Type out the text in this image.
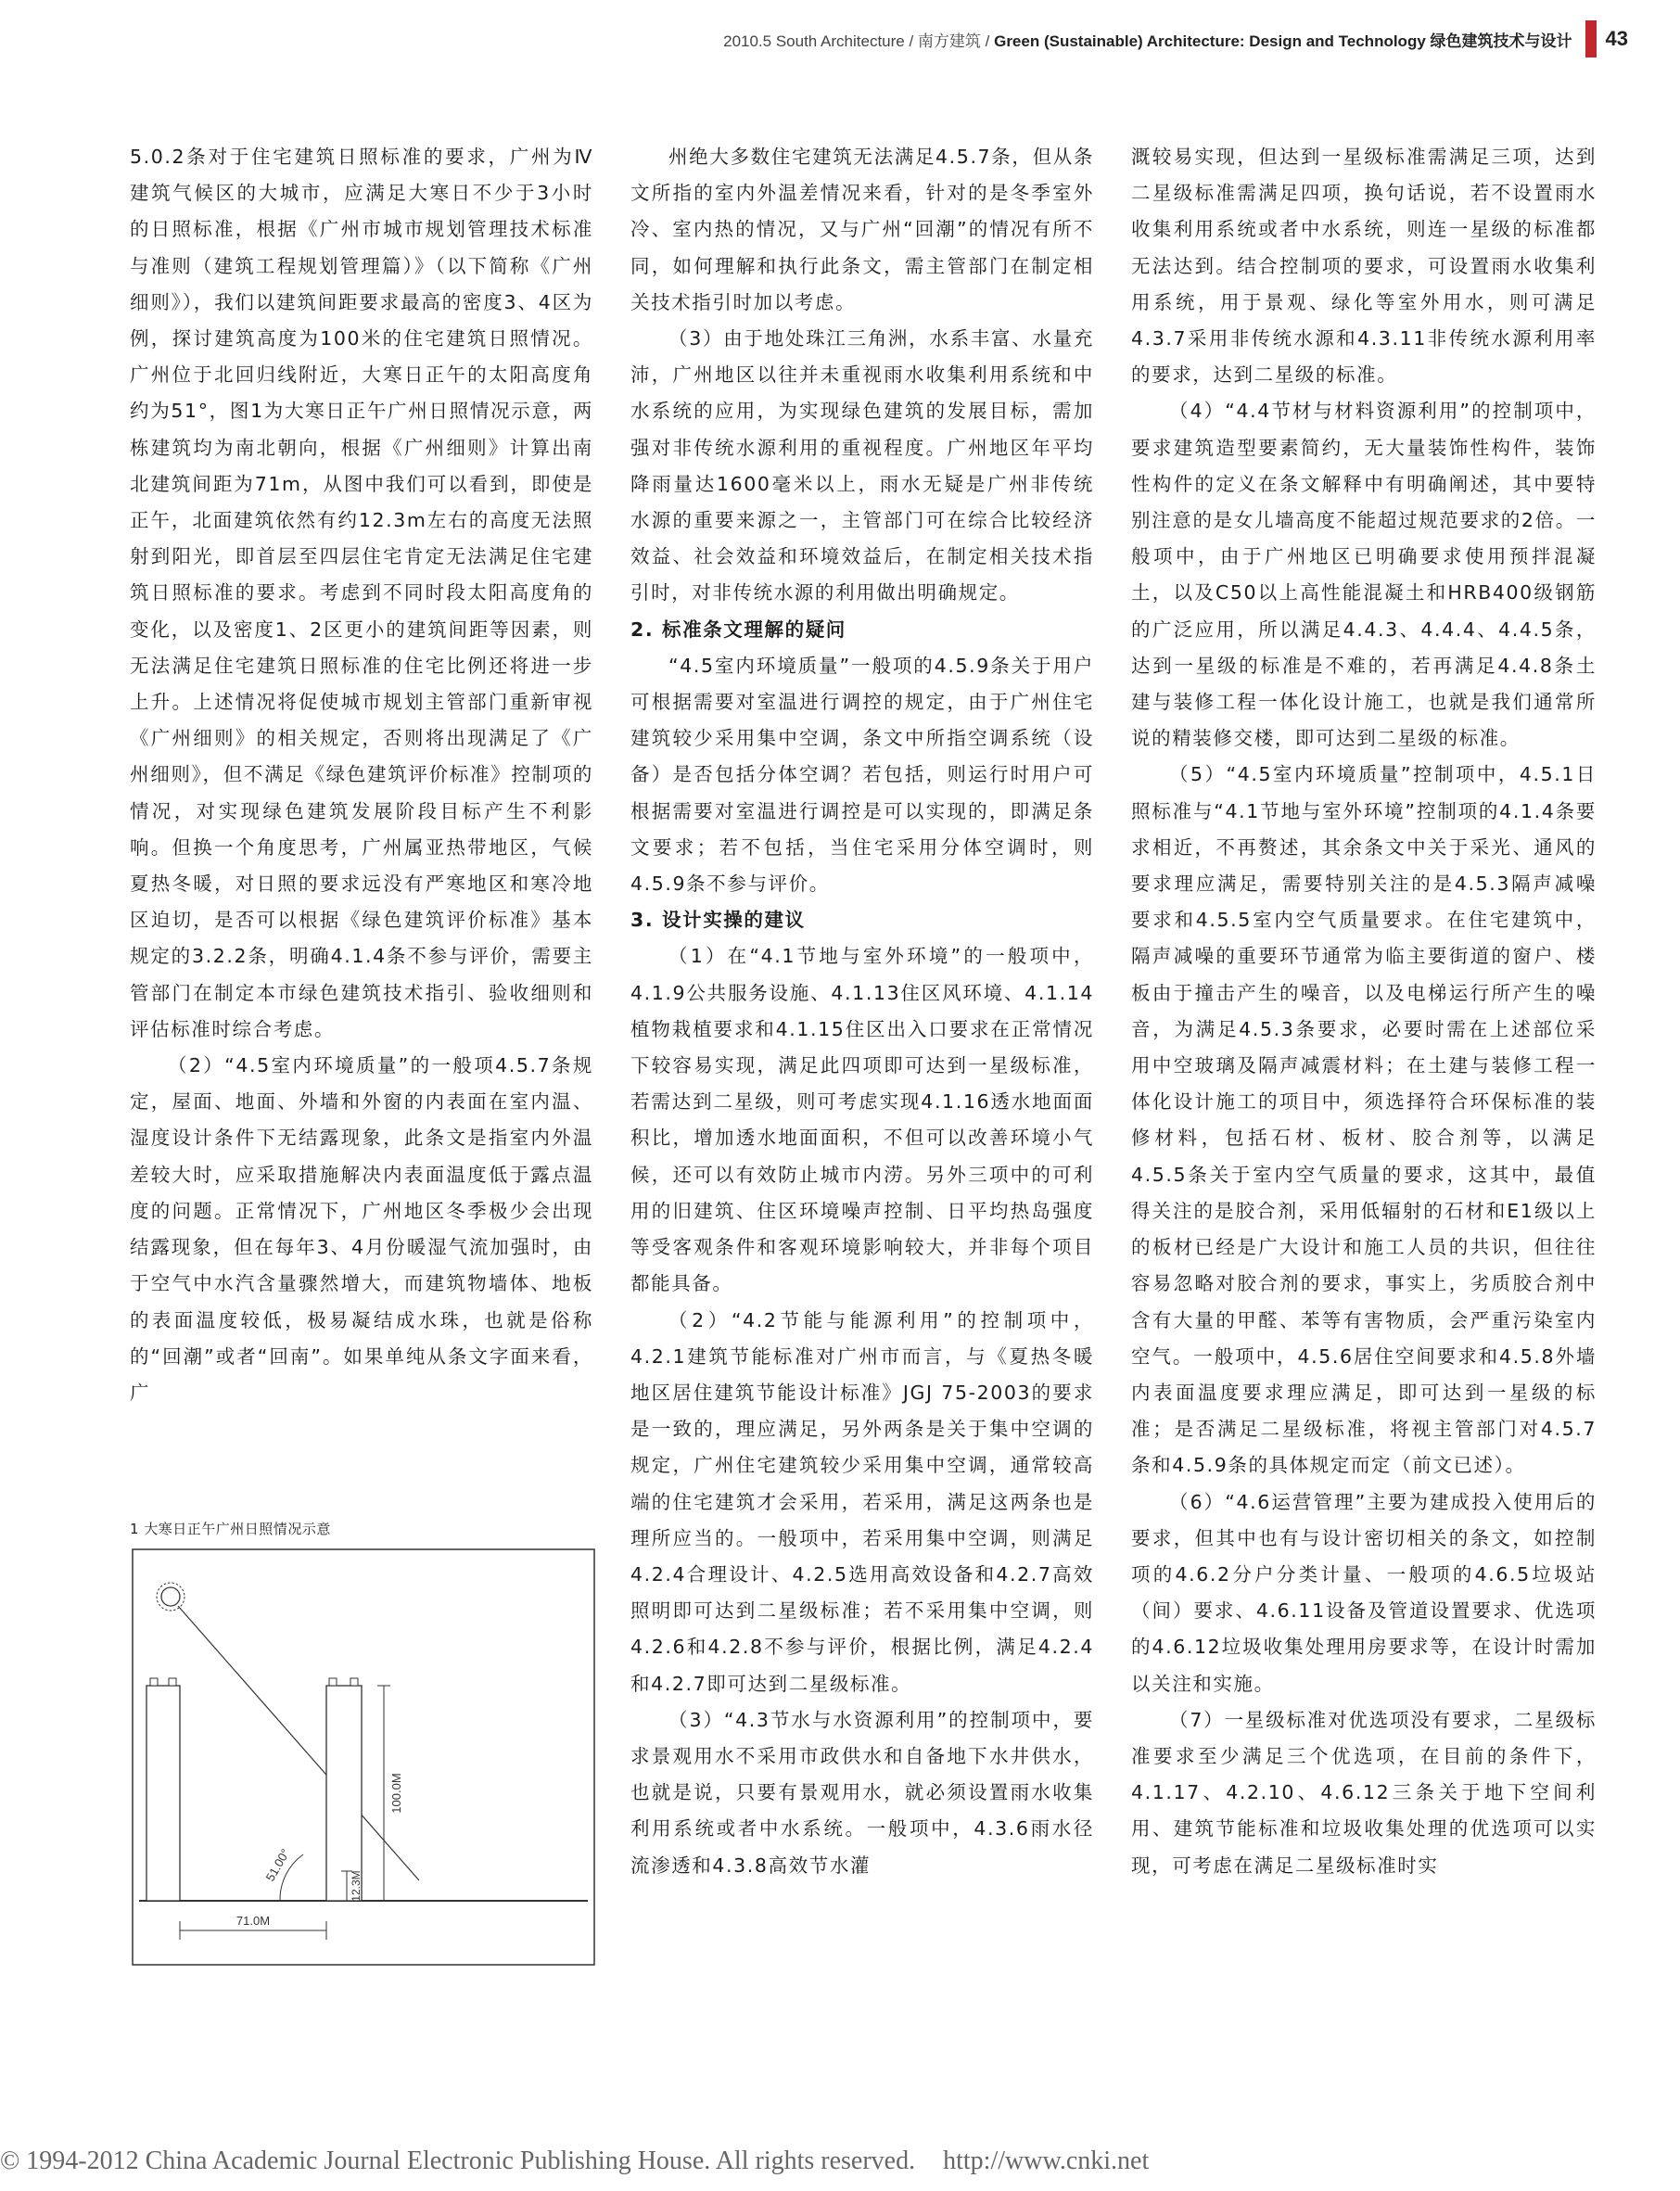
2010.5 South Architecture / 南方建筑 / Green (Sustainable) Architecture: Design and Technology 绿色建筑技术与设计 43

5.0.2条对于住宅建筑日照标准的要求，广州为Ⅳ建筑气候区的大城市，应满足大寒日不少于3小时的日照标准，根据《广州市城市规划管理技术标准与准则（建筑工程规划管理篇）》（以下简称《广州细则》），我们以建筑间距要求最高的密度3、4区为例，探讨建筑高度为100米的住宅建筑日照情况。广州位于北回归线附近，大寒日正午的太阳高度角约为51°，图1为大寒日正午广州日照情况示意，两栋建筑均为南北朝向，根据《广州细则》计算出南北建筑间距为71m，从图中我们可以看到，即使是正午，北面建筑依然有约12.3m左右的高度无法照射到阳光，即首层至四层住宅肯定无法满足住宅建筑日照标准的要求。考虑到不同时段太阳高度角的变化，以及密度1、2区更小的建筑间距等因素，则无法满足住宅建筑日照标准的住宅比例还将进一步上升。上述情况将促使城市规划主管部门重新审视《广州细则》的相关规定，否则将出现满足了《广州细则》，但不满足《绿色建筑评价标准》控制项的情况，对实现绿色建筑发展阶段目标产生不利影响。但换一个角度思考，广州属亚热带地区，气候夏热冬暖，对日照的要求远没有严寒地区和寒冷地区迫切，是否可以根据《绿色建筑评价标准》基本规定的3.2.2条，明确4.1.4条不参与评价，需要主管部门在制定本市绿色建筑技术指引、验收细则和评估标准时综合考虑。

（2）“4.5室内环境质量”的一般项4.5.7条规定，屋面、地面、外墙和外窗的内表面在室内温、湿度设计条件下无结露现象，此条文是指室内外温差较大时，应采取措施解决内表面温度低于露点温度的问题。正常情况下，广州地区冬季极少会出现结露现象，但在每年3、4月份暖湿气流加强时，由于空气中水汽含量骤然增大，而建筑物墙体、地板的表面温度较低，极易凝结成水珠，也就是俗称的“回潮”或者“回南”。如果单纯从条文字面来看，广

州绝大多数住宅建筑无法满足4.5.7条，但从条文所指的室内外温差情况来看，针对的是冬季室外冷、室内热的情况，又与广州“回潮”的情况有所不同，如何理解和执行此条文，需主管部门在制定相关技术指引时加以考虑。

（3）由于地处珠江三角洲，水系丰富、水量充沛，广州地区以往并未重视雨水收集利用系统和中水系统的应用，为实现绿色建筑的发展目标，需加强对非传统水源利用的重视程度。广州地区年平均降雨量达1600毫米以上，雨水无疑是广州非传统水源的重要来源之一，主管部门可在综合比较经济效益、社会效益和环境效益后，在制定相关技术指引时，对非传统水源的利用做出明确规定。

2. 标准条文理解的疑问

“4.5室内环境质量”一般项的4.5.9条关于用户可根据需要对室温进行调控的规定，由于广州住宅建筑较少采用集中空调，条文中所指空调系统（设备）是否包括分体空调？若包括，则运行时用户可根据需要对室温进行调控是可以实现的，即满足条文要求；若不包括，当住宅采用分体空调时，则4.5.9条不参与评价。

3. 设计实操的建议

（1）在“4.1节地与室外环境”的一般项中，4.1.9公共服务设施、4.1.13住区风环境、4.1.14植物栽植要求和4.1.15住区出入口要求在正常情况下较容易实现，满足此四项即可达到一星级标准，若需达到二星级，则可考虑实现4.1.16透水地面面积比，增加透水地面面积，不但可以改善环境小气候，还可以有效防止城市内涝。另外三项中的可利用的旧建筑、住区环境噪声控制、日平均热岛强度等受客观条件和客观环境影响较大，并非每个项目都能具备。

（2）“4.2节能与能源利用”的控制项中，4.2.1建筑节能标准对广州市而言，与《夏热冬暖地区居住建筑节能设计标准》JGJ 75-2003的要求是一致的，理应满足，另外两条是关于集中空调的规定，广州住宅建筑较少采用集中空调，通常较高端的住宅建筑才会采用，若采用，满足这两条也是理所应当的。一般项中，若采用集中空调，则满足4.2.4合理设计、4.2.5选用高效设备和4.2.7高效照明即可达到二星级标准；若不采用集中空调，则4.2.6和4.2.8不参与评价，根据比例，满足4.2.4和4.2.7即可达到二星级标准。

（3）“4.3节水与水资源利用”的控制项中，要求景观用水不采用市政供水和自备地下水井供水，也就是说，只要有景观用水，就必须设置雨水收集利用系统或者中水系统。一般项中，4.3.6雨水径流渗透和4.3.8高效节水灌

溉较易实现，但达到一星级标准需满足三项，达到二星级标准需满足四项，换句话说，若不设置雨水收集利用系统或者中水系统，则连一星级的标准都无法达到。结合控制项的要求，可设置雨水收集利用系统，用于景观、绿化等室外用水，则可满足4.3.7采用非传统水源和4.3.11非传统水源利用率的要求，达到二星级的标准。

（4）“4.4节材与材料资源利用”的控制项中，要求建筑造型要素简约，无大量装饰性构件，装饰性构件的定义在条文解释中有明确阐述，其中要特别注意的是女儿墙高度不能超过规范要求的2倍。一般项中，由于广州地区已明确要求使用预拌混凝土，以及C50以上高性能混凝土和HRB400级钢筋的广泛应用，所以满足4.4.3、4.4.4、4.4.5条，达到一星级的标准是不难的，若再满足4.4.8条土建与装修工程一体化设计施工，也就是我们通常所说的精装修交楼，即可达到二星级的标准。

（5）“4.5室内环境质量”控制项中，4.5.1日照标准与“4.1节地与室外环境”控制项的4.1.4条要求相近，不再赘述，其余条文中关于采光、通风的要求理应满足，需要特别关注的是4.5.3隔声减噪要求和4.5.5室内空气质量要求。在住宅建筑中，隔声减噪的重要环节通常为临主要街道的窗户、楼板由于撞击产生的噪音，以及电梯运行所产生的噪音，为满足4.5.3条要求，必要时需在上述部位采用中空玻璃及隔声减震材料；在土建与装修工程一体化设计施工的项目中，须选择符合环保标准的装修材料，包括石材、板材、胶合剂等，以满足4.5.5条关于室内空气质量的要求，这其中，最值得关注的是胶合剂，采用低辐射的石材和E1级以上的板材已经是广大设计和施工人员的共识，但往往容易忽略对胶合剂的要求，事实上，劣质胶合剂中含有大量的甲醛、苯等有害物质，会严重污染室内空气。一般项中，4.5.6居住空间要求和4.5.8外墙内表面温度要求理应满足，即可达到一星级的标准；是否满足二星级标准，将视主管部门对4.5.7条和4.5.9条的具体规定而定（前文已述）。

（6）“4.6运营管理”主要为建成投入使用后的要求，但其中也有与设计密切相关的条文，如控制项的4.6.2分户分类计量、一般项的4.6.5垃圾站（间）要求、4.6.11设备及管道设置要求、优选项的4.6.12垃圾收集处理用房要求等，在设计时需加以关注和实施。

（7）一星级标准对优选项没有要求，二星级标准要求至少满足三个优选项，在目前的条件下，4.1.17、4.2.10、4.6.12三条关于地下空间利用、建筑节能标准和垃圾收集处理的优选项可以实现，可考虑在满足二星级标准时实

1 大寒日正午广州日照情况示意
51.00°
100.0M
12.3M
71.0M
© 1994-2012 China Academic Journal Electronic Publishing House. All rights reserved. http://www.cnki.net
